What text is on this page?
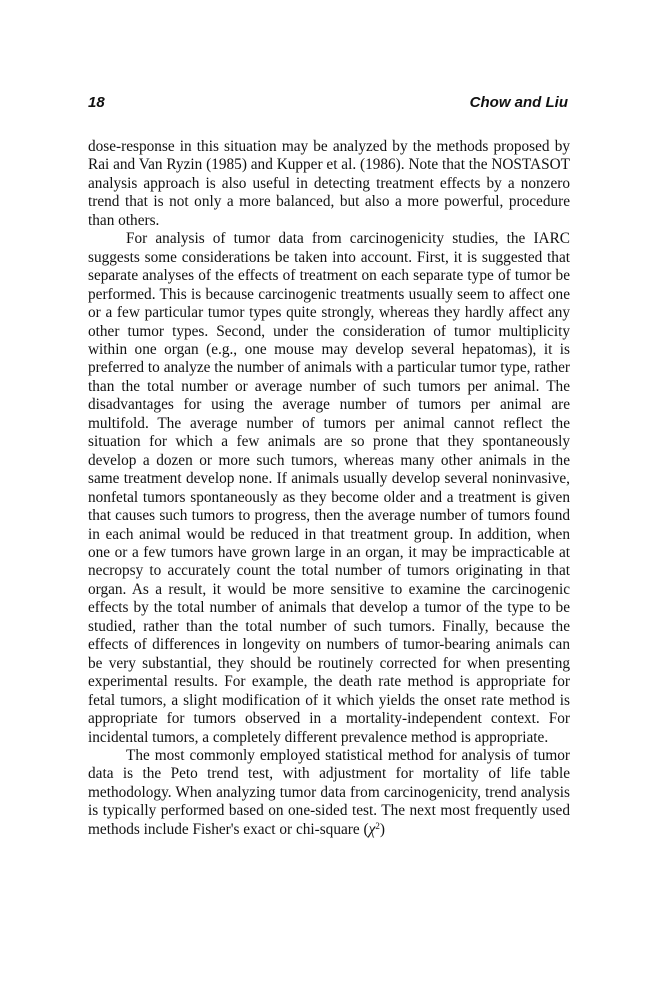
18	Chow and Liu

dose-response in this situation may be analyzed by the methods proposed by Rai and Van Ryzin (1985) and Kupper et al. (1986). Note that the NOSTASOT analysis approach is also useful in detecting treatment effects by a nonzero trend that is not only a more balanced, but also a more powerful, procedure than others.

For analysis of tumor data from carcinogenicity studies, the IARC suggests some considerations be taken into account. First, it is suggested that separate analyses of the effects of treatment on each separate type of tumor be performed. This is because carcinogenic treatments usually seem to affect one or a few particular tumor types quite strongly, whereas they hardly affect any other tumor types. Second, under the consideration of tumor multiplicity within one organ (e.g., one mouse may develop several hepatomas), it is preferred to analyze the number of animals with a particular tumor type, rather than the total number or average number of such tumors per animal. The disadvantages for using the average number of tumors per animal are multifold. The average number of tumors per animal cannot reflect the situation for which a few animals are so prone that they spontaneously develop a dozen or more such tumors, whereas many other animals in the same treatment develop none. If animals usually develop several noninvasive, nonfetal tumors spontaneously as they become older and a treatment is given that causes such tumors to progress, then the average number of tumors found in each animal would be reduced in that treatment group. In addition, when one or a few tumors have grown large in an organ, it may be impracticable at necropsy to accurately count the total number of tumors originating in that organ. As a result, it would be more sensitive to examine the carcinogenic effects by the total number of animals that develop a tumor of the type to be studied, rather than the total number of such tumors. Finally, because the effects of differences in longevity on numbers of tumor-bearing animals can be very substantial, they should be routinely corrected for when presenting experimental results. For example, the death rate method is appropriate for fetal tumors, a slight modification of it which yields the onset rate method is appropriate for tumors observed in a mortality-independent context. For incidental tumors, a completely different prevalence method is appropriate.

The most commonly employed statistical method for analysis of tumor data is the Peto trend test, with adjustment for mortality of life table methodology. When analyzing tumor data from carcinogenicity, trend analysis is typically performed based on one-sided test. The next most frequently used methods include Fisher's exact or chi-square $(\chi^2)$
